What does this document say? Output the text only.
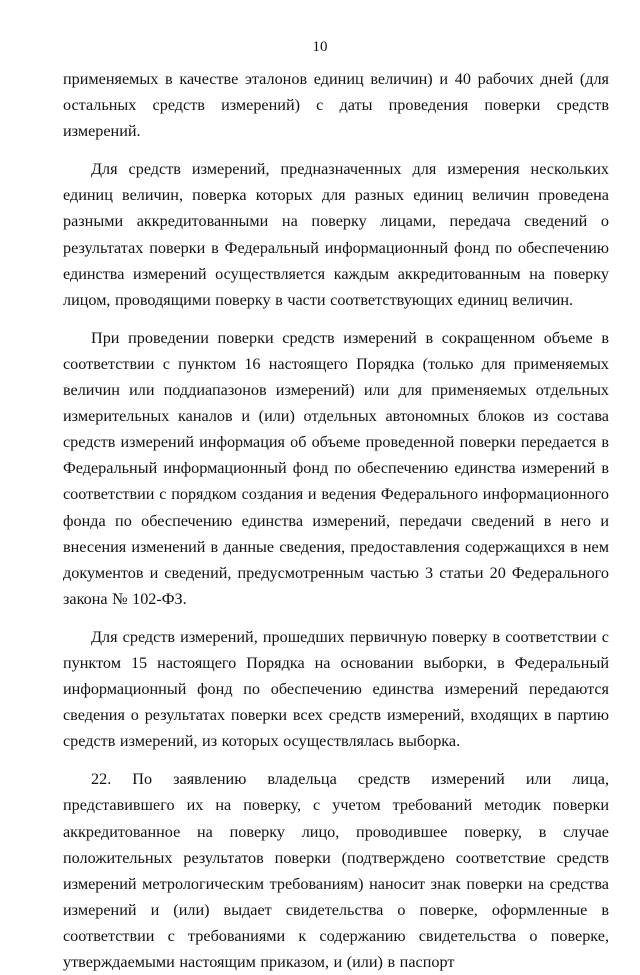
10

применяемых в качестве эталонов единиц величин) и 40 рабочих дней (для остальных средств измерений) с даты проведения поверки средств измерений.

Для средств измерений, предназначенных для измерения нескольких единиц величин, поверка которых для разных единиц величин проведена разными аккредитованными на поверку лицами, передача сведений о результатах поверки в Федеральный информационный фонд по обеспечению единства измерений осуществляется каждым аккредитованным на поверку лицом, проводящими поверку в части соответствующих единиц величин.

При проведении поверки средств измерений в сокращенном объеме в соответствии с пунктом 16 настоящего Порядка (только для применяемых величин или поддиапазонов измерений) или для применяемых отдельных измерительных каналов и (или) отдельных автономных блоков из состава средств измерений информация об объеме проведенной поверки передается в Федеральный информационный фонд по обеспечению единства измерений в соответствии с порядком создания и ведения Федерального информационного фонда по обеспечению единства измерений, передачи сведений в него и внесения изменений в данные сведения, предоставления содержащихся в нем документов и сведений, предусмотренным частью 3 статьи 20 Федерального закона № 102-ФЗ.

Для средств измерений, прошедших первичную поверку в соответствии с пунктом 15 настоящего Порядка на основании выборки, в Федеральный информационный фонд по обеспечению единства измерений передаются сведения о результатах поверки всех средств измерений, входящих в партию средств измерений, из которых осуществлялась выборка.

22. По заявлению владельца средств измерений или лица, представившего их на поверку, с учетом требований методик поверки аккредитованное на поверку лицо, проводившее поверку, в случае положительных результатов поверки (подтверждено соответствие средств измерений метрологическим требованиям) наносит знак поверки на средства измерений и (или) выдает свидетельства о поверке, оформленные в соответствии с требованиями к содержанию свидетельства о поверке, утверждаемыми настоящим приказом, и (или) в паспорт
